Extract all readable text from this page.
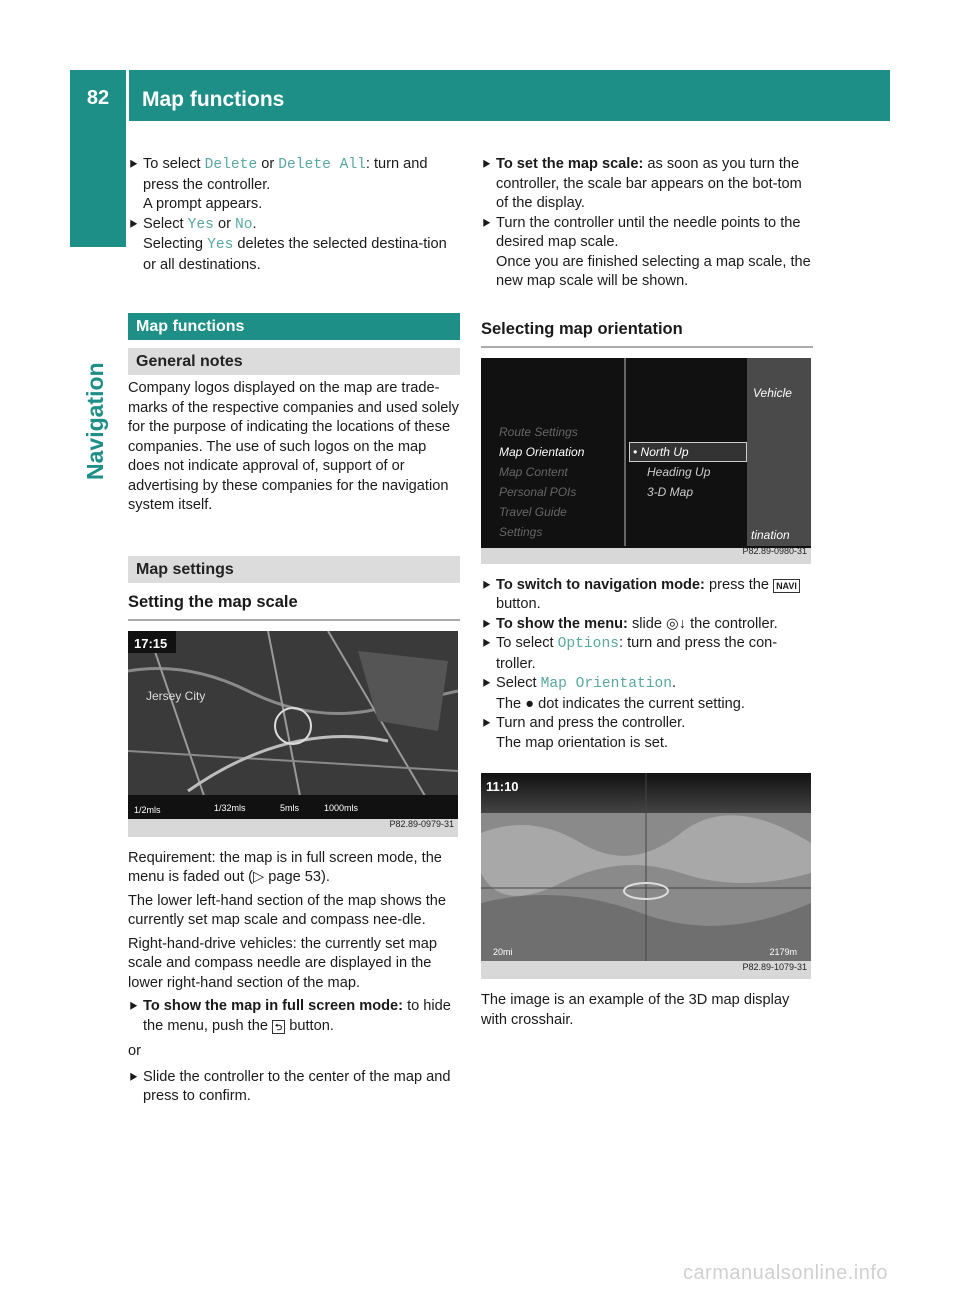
82	Map functions
Navigation
⯈ To select Delete or Delete All: turn and press the controller.

A prompt appears.

⯈ Select Yes or No.

Selecting Yes deletes the selected destina-tion or all destinations.

Map functions
General notes

Company logos displayed on the map are trade-marks of the respective companies and used solely for the purpose of indicating the locations of these companies. The use of such logos on the map does not indicate approval of, support of or advertising by these companies for the navigation system itself.

Map settings
Setting the map scale
17:15
Jersey City
1/2mls	1/32mls	5mls	1000mls
P82.89-0979-31

Requirement: the map is in full screen mode, the menu is faded out (▷ page 53).

The lower left-hand section of the map shows the currently set map scale and compass nee-dle.

Right-hand-drive vehicles: the currently set map scale and compass needle are displayed in the lower right-hand section of the map.

⯈ To show the map in full screen mode: to hide the menu, push the ⮌ button.

or

⯈ Slide the controller to the center of the map and press to confirm.

⯈ To set the map scale: as soon as you turn the controller, the scale bar appears on the bot-tom of the display.

⯈ Turn the controller until the needle points to the desired map scale.

Once you are finished selecting a map scale, the new map scale will be shown.

Selecting map orientation
Route Settings
Map Orientation
Map Content
Personal POIs
Travel Guide
Settings
• North Up
Heading Up
3-D Map
Vehicle
tination
P82.89-0980-31
⯈ To switch to navigation mode: press the NAVI button.

⯈ To show the menu: slide ◎↓ the controller.

⯈ To select Options: turn and press the con-troller.

⯈ Select Map Orientation.

The ● dot indicates the current setting.

⯈ Turn and press the controller.

The map orientation is set.

11:10
20mi	2179m
P82.89-1079-31

The image is an example of the 3D map display with crosshair.

carmanualsonline.info
